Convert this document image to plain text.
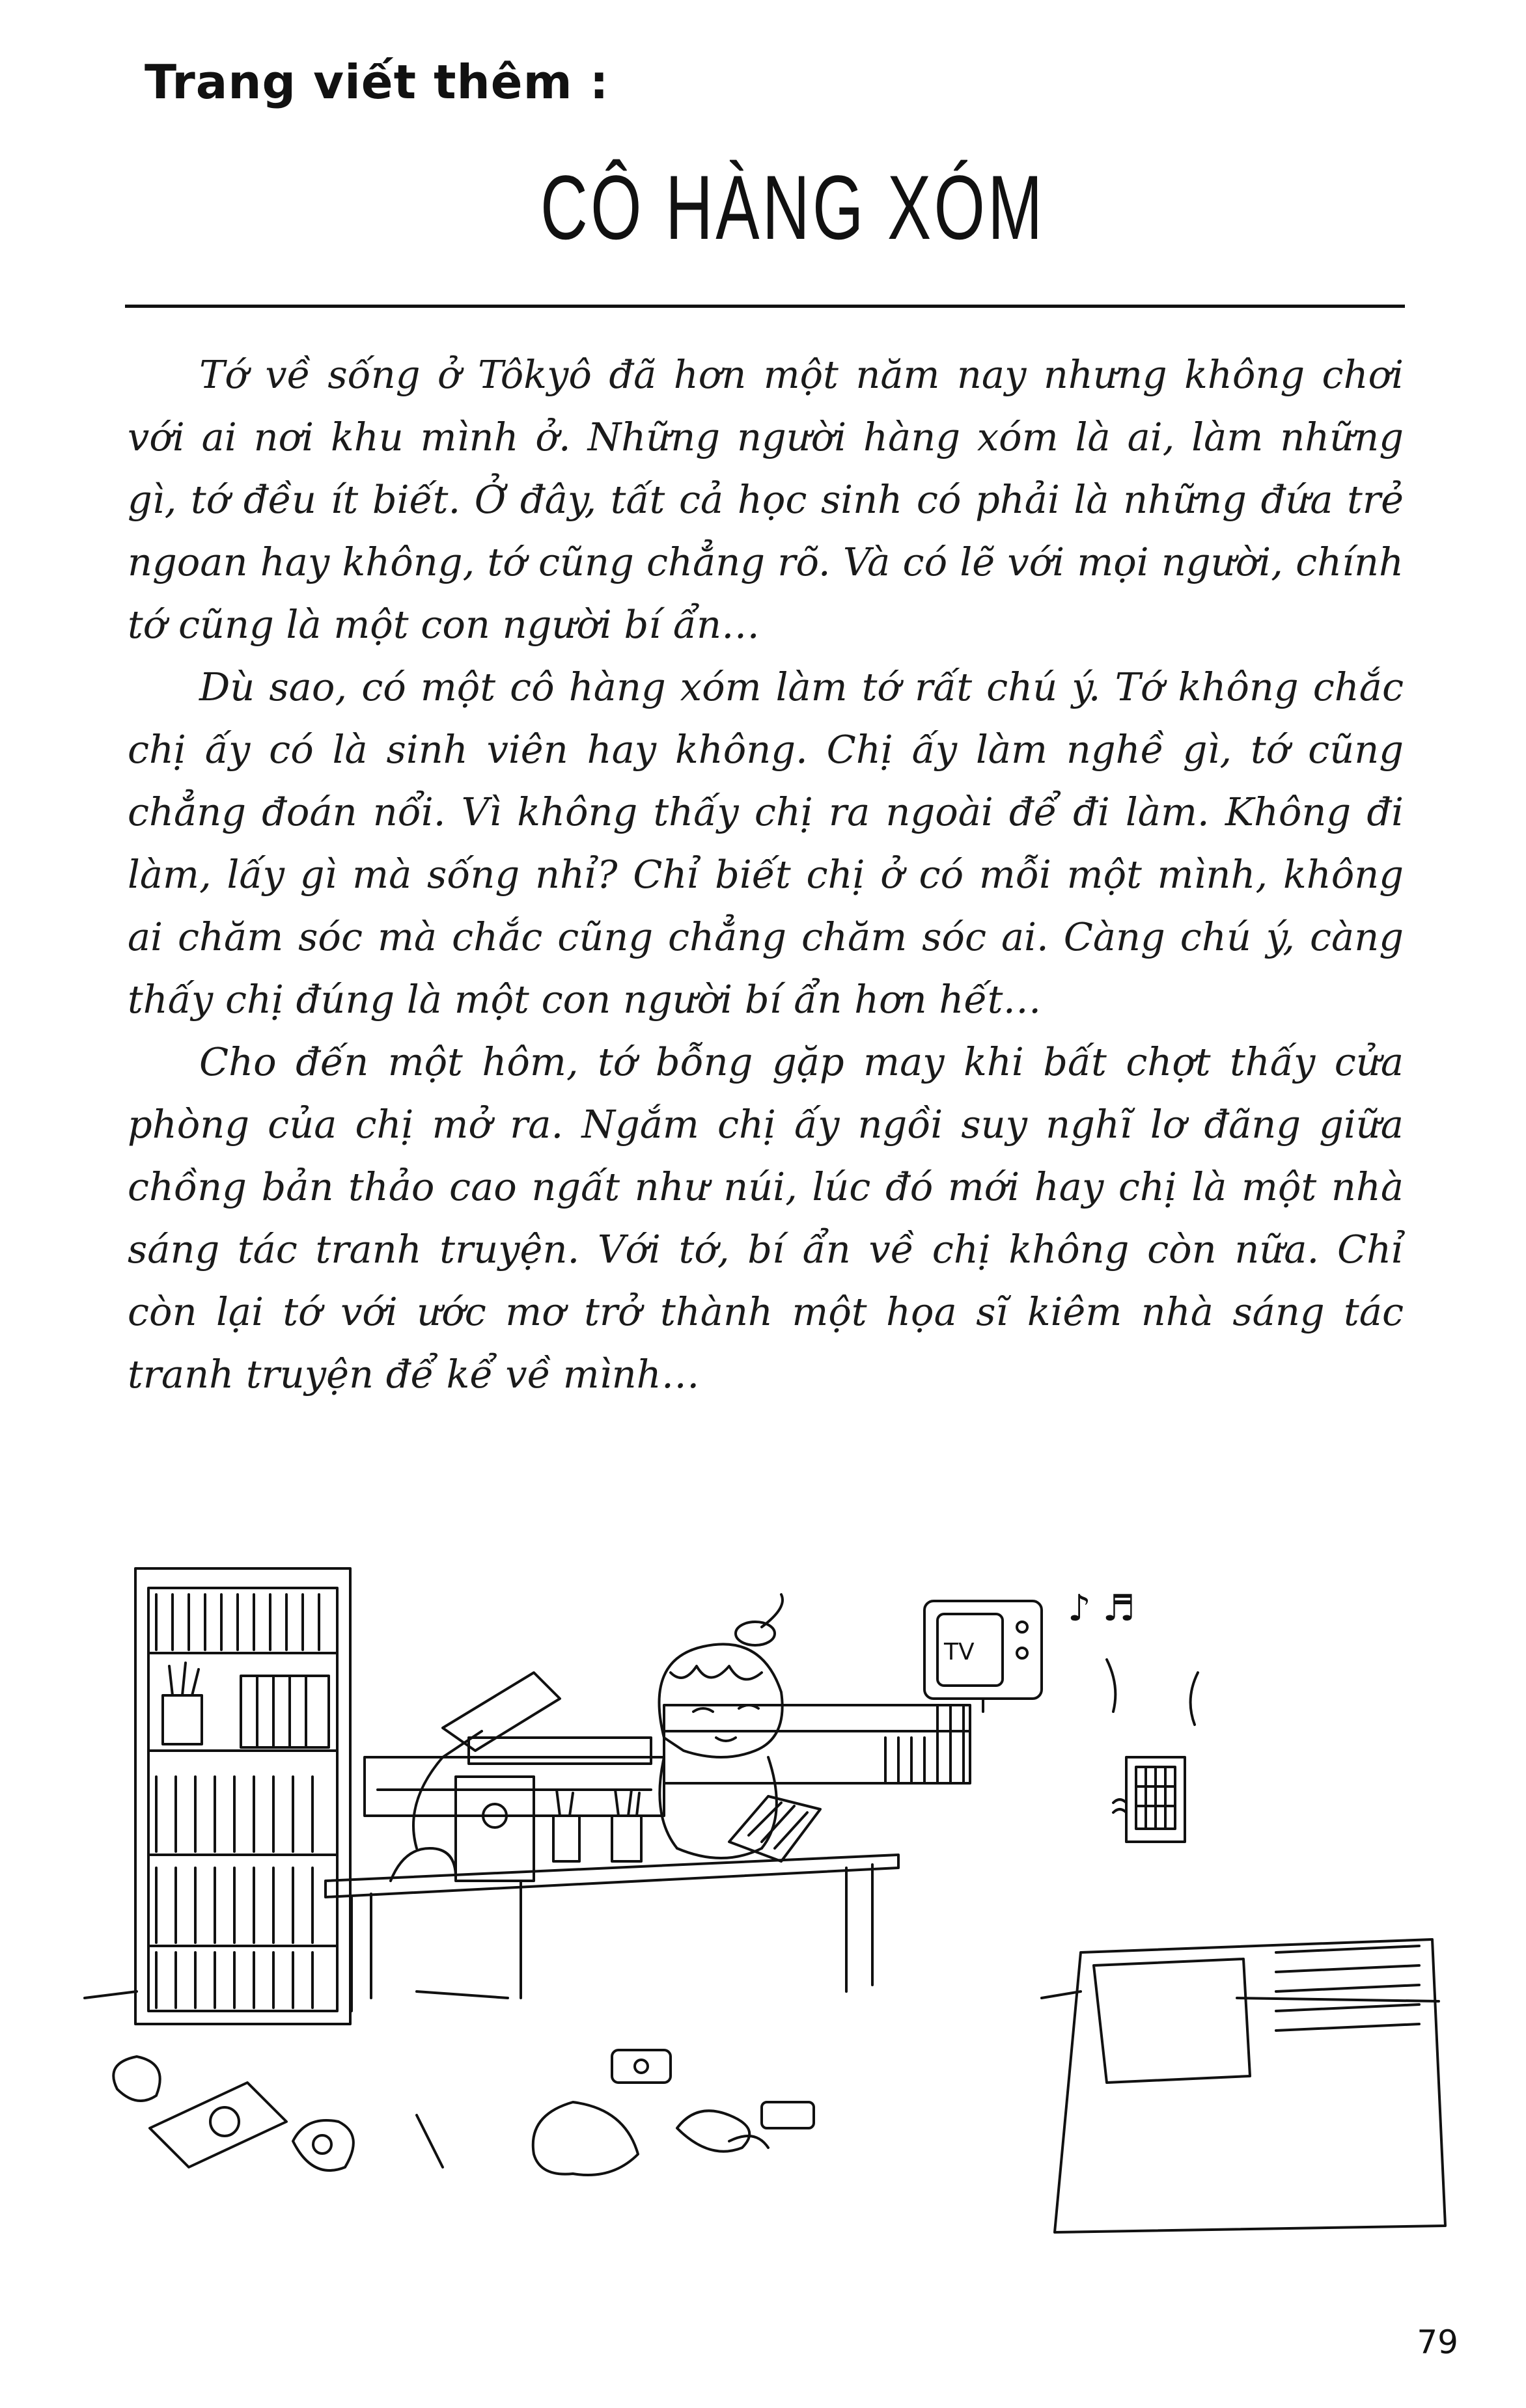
Trang viết thêm :
CÔ HÀNG XÓM

Tớ về sống ở Tôkyô đã hơn một năm nay nhưng không chơi với ai nơi khu mình ở. Những người hàng xóm là ai, làm những gì, tớ đều ít biết. Ở đây, tất cả học sinh có phải là những đứa trẻ ngoan hay không, tớ cũng chẳng rõ. Và có lẽ với mọi người, chính tớ cũng là một con người bí ẩn…

Dù sao, có một cô hàng xóm làm tớ rất chú ý. Tớ không chắc chị ấy có là sinh viên hay không. Chị ấy làm nghề gì, tớ cũng chẳng đoán nổi. Vì không thấy chị ra ngoài để đi làm. Không đi làm, lấy gì mà sống nhỉ? Chỉ biết chị ở có mỗi một mình, không ai chăm sóc mà chắc cũng chẳng chăm sóc ai. Càng chú ý, càng thấy chị đúng là một con người bí ẩn hơn hết…

Cho đến một hôm, tớ bỗng gặp may khi bất chợt thấy cửa phòng của chị mở ra. Ngắm chị ấy ngồi suy nghĩ lơ đãng giữa chồng bản thảo cao ngất như núi, lúc đó mới hay chị là một nhà sáng tác tranh truyện. Với tớ, bí ẩn về chị không còn nữa. Chỉ còn lại tớ với ước mơ trở thành một họa sĩ kiêm nhà sáng tác tranh truyện để kể về mình…

TV
♪ ♬
79
